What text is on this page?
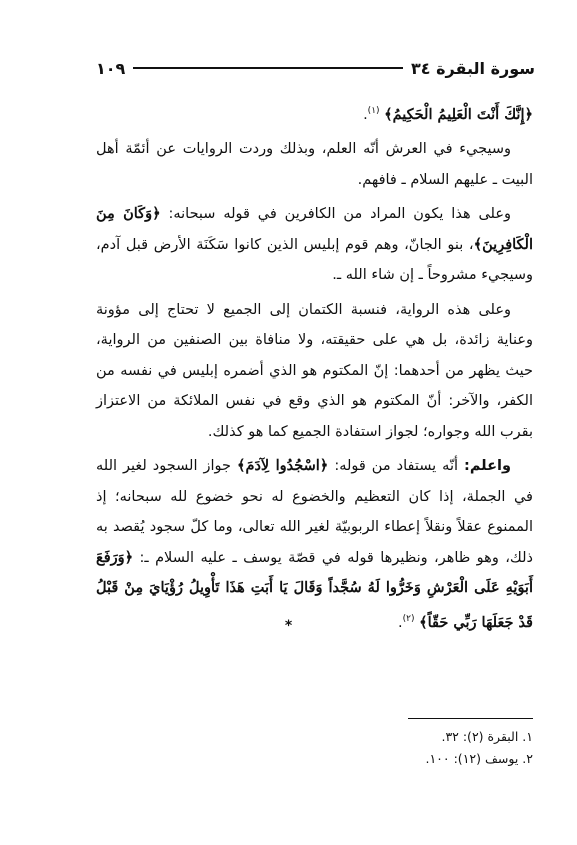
سورة البقرة ٣٤
١٠٩

﴿إِنَّكَ أَنْتَ الْعَلِيمُ الْحَكِيمُ﴾ $^{(١)}$.

وسيجيء في العرش أنّه العلم، وبذلك وردت الروايات عن أئمّة أهل البيت ـ عليهم السلام ـ فافهم.

وعلى هذا يكون المراد من الكافرين في قوله سبحانه: ﴿وَكَانَ مِنَ الْكَافِرِينَ﴾، بنو الجانّ، وهم قوم إبليس الذين كانوا سَكَنَة الأرض قبل آدم، وسيجيء مشروحاً ـ إن شاء الله ـ.

وعلى هذه الرواية، فنسبة الكتمان إلى الجميع لا تحتاج إلى مؤونة وعناية زائدة، بل هي على حقيقته، ولا منافاة بين الصنفين من الرواية، حيث يظهر من أحدهما: إنّ المكتوم هو الذي أضمره إبليس في نفسه من الكفر، والآخر: أنّ المكتوم هو الذي وقع في نفس الملائكة من الاعتزاز بقرب الله وجواره؛ لجواز استفادة الجميع كما هو كذلك.

واعلم: أنّه يستفاد من قوله: ﴿اسْجُدُوا لِآدَمَ﴾ جواز السجود لغير الله في الجملة، إذا كان التعظيم والخضوع له نحو خضوع لله سبحانه؛ إذ الممنوع عقلاً ونقلاً إعطاء الربوبيّة لغير الله تعالى، وما كلّ سجود يُقصد به ذلك، وهو ظاهر، ونظيرها قوله في قصّة يوسف ـ عليه السلام ـ: ﴿وَرَفَعَ أَبَوَيْهِ عَلَى الْعَرْشِ وَخَرُّوا لَهُ سُجَّداً وَقَالَ يَا أَبَتِ هَذَا تَأْوِيلُ رُؤْيَايَ مِنْ قَبْلُ قَدْ جَعَلَهَا رَبِّي حَقّاً﴾ $^{(٢)}$.

*
١. البقرة (٢): ٣٢.
٢. يوسف (١٢): ١٠٠.
